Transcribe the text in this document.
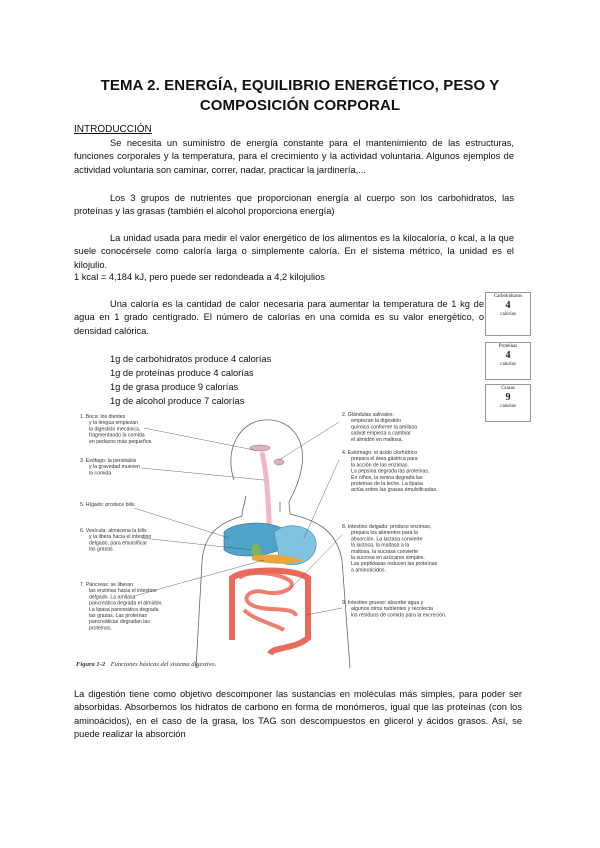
TEMA 2. ENERGÍA, EQUILIBRIO ENERGÉTICO, PESO Y
COMPOSICIÓN CORPORAL
INTRODUCCIÓN
Se necesita un suministro de energía constante para el mantenimiento de las estructuras, funciones corporales y la temperatura, para el crecimiento y la actividad voluntaria. Algunos ejemplos de actividad voluntaria son caminar, correr, nadar, practicar la jardinería,...
Los 3 grupos de nutrientes que proporcionan energía al cuerpo son los carbohidratos, las proteínas y las grasas (también el alcohol proporciona energía)
La unidad usada para medir el valor energético de los alimentos es la kilocaloría, o kcal, a la que suele conocérsele como caloría larga o simplemente caloría. En el sistema métrico, la unidad es el kilojulio.
1 kcal = 4,184 kJ, pero puede ser redondeada a 4,2 kilojulios
Una caloría es la cantidad de calor necesaria para aumentar la temperatura de 1 kg de agua en 1 grado centígrado. El número de calorías en una comida es su valor energético, o densidad calórica.
1g de carbohidratos produce 4 calorías
1g de proteínas produce 4 calorías
1g de grasa produce 9 calorías
1g de alcohol produce 7 calorías
Carbohidratos
4
calorías
Proteínas
4
calorías
Grasas
9
calorías
1. Boca: los dientes y la lengua empiezan la digestión mecánica, fragmentando la comida en pedazos más pequeños.
3. Esófago: la peristalsis y la gravedad mueven la comida
5. Hígado: produce bilis.
6. Vesícula: almacena la bilis y la libera hacia el intestino delgado, para emulsificar las grasas.
7. Páncreas: se liberan las enzimas hacia el intestino delgado. La amilasa pancreática degrada el almidón. La lipasa pancreática degrada las grasas. Las proteínas pancreáticas degradan las proteínas.
2. Glándulas salivales: empiezan la digestión química conforme la amilasa salival empieza a cambiar el almidón en maltosa.
4. Estómago: el ácido clorhídrico prepara el área gástrica para la acción de las enzimas. La pepsina degrada las proteínas. En niños, la renina degrada las proteínas de la leche. La lipasa actúa sobre las grasas emulsificadas.
8. Intestino delgado: produce enzimas, prepara los alimentos para la absorción. La lactasa convierte la lactosa, la maltasa a la maltosa, la sucrasa convierte la sucrosa en azúcares simples. Las peptidasas reducen las proteínas a aminoácidos.
9. Intestino grueso: absorbe agua y algunos otros nutrientes y recolecta los residuos de comida para la excreción.
Figura 1-2 Funciones básicas del sistema digestivo.
La digestión tiene como objetivo descomponer las sustancias en moléculas más simples, para poder ser absorbidas. Absorbemos los hidratos de carbono en forma de monómeros, igual que las proteínas (con los aminoácidos), en el caso de la grasa, los TAG son descompuestos en glicerol y ácidos grasos. Así, se puede realizar la absorción
